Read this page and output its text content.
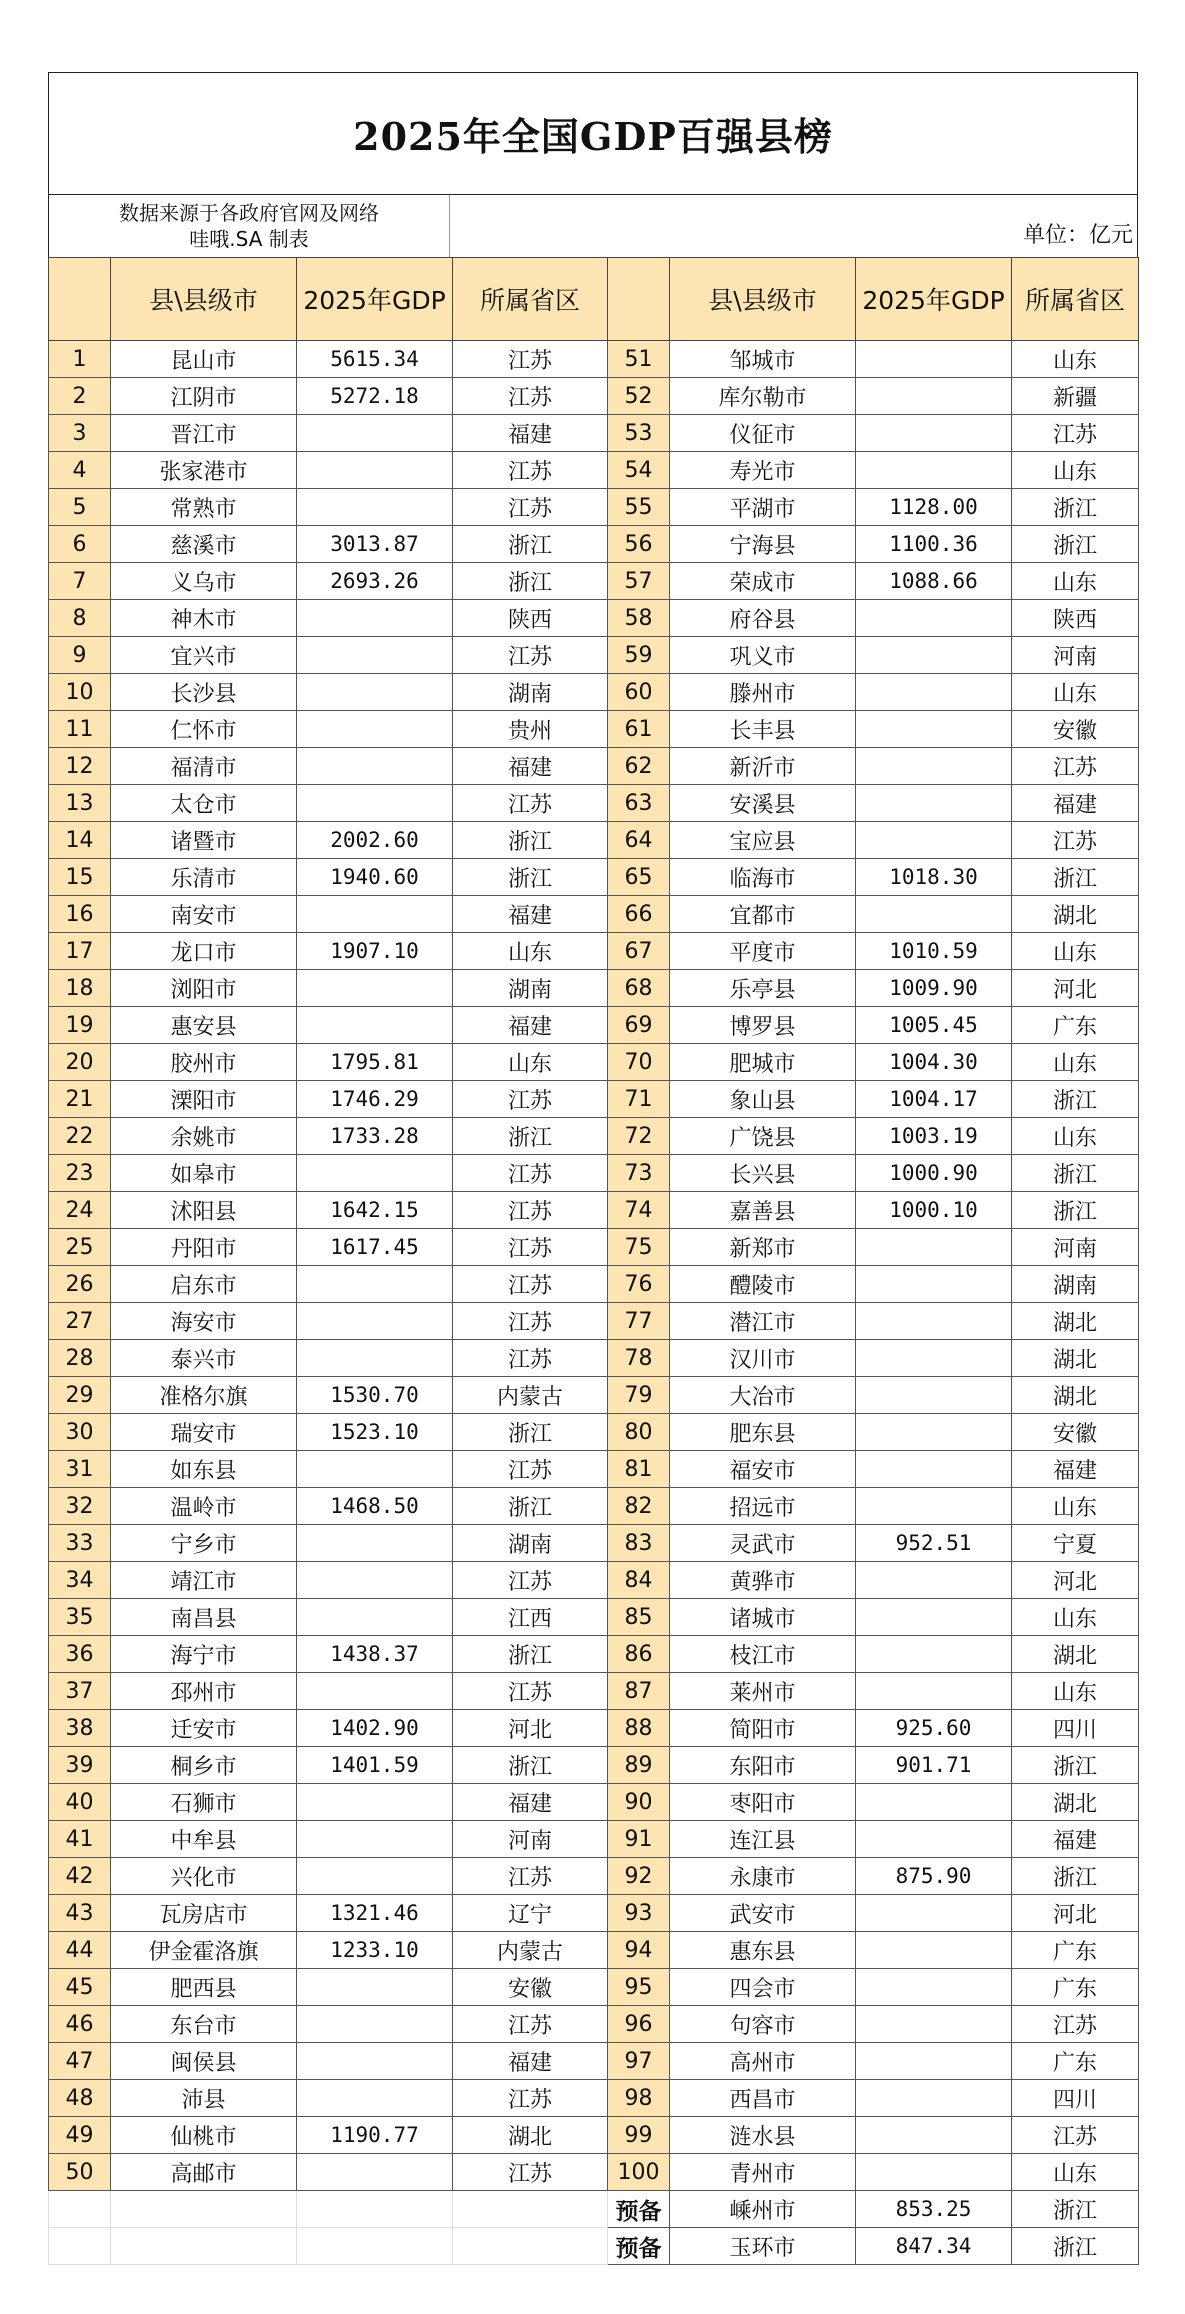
2025年全国GDP百强县榜
数据来源于各政府官网及网络
哇哦.SA 制表	单位：亿元
	县\县级市	2025年GDP	所属省区		县\县级市	2025年GDP	所属省区
1	昆山市	5615.34	江苏	51	邹城市		山东
2	江阴市	5272.18	江苏	52	库尔勒市		新疆
3	晋江市		福建	53	仪征市		江苏
4	张家港市		江苏	54	寿光市		山东
5	常熟市		江苏	55	平湖市	1128.00	浙江
6	慈溪市	3013.87	浙江	56	宁海县	1100.36	浙江
7	义乌市	2693.26	浙江	57	荣成市	1088.66	山东
8	神木市		陕西	58	府谷县		陕西
9	宜兴市		江苏	59	巩义市		河南
10	长沙县		湖南	60	滕州市		山东
11	仁怀市		贵州	61	长丰县		安徽
12	福清市		福建	62	新沂市		江苏
13	太仓市		江苏	63	安溪县		福建
14	诸暨市	2002.60	浙江	64	宝应县		江苏
15	乐清市	1940.60	浙江	65	临海市	1018.30	浙江
16	南安市		福建	66	宜都市		湖北
17	龙口市	1907.10	山东	67	平度市	1010.59	山东
18	浏阳市		湖南	68	乐亭县	1009.90	河北
19	惠安县		福建	69	博罗县	1005.45	广东
20	胶州市	1795.81	山东	70	肥城市	1004.30	山东
21	溧阳市	1746.29	江苏	71	象山县	1004.17	浙江
22	余姚市	1733.28	浙江	72	广饶县	1003.19	山东
23	如皋市		江苏	73	长兴县	1000.90	浙江
24	沭阳县	1642.15	江苏	74	嘉善县	1000.10	浙江
25	丹阳市	1617.45	江苏	75	新郑市		河南
26	启东市		江苏	76	醴陵市		湖南
27	海安市		江苏	77	潜江市		湖北
28	泰兴市		江苏	78	汉川市		湖北
29	准格尔旗	1530.70	内蒙古	79	大冶市		湖北
30	瑞安市	1523.10	浙江	80	肥东县		安徽
31	如东县		江苏	81	福安市		福建
32	温岭市	1468.50	浙江	82	招远市		山东
33	宁乡市		湖南	83	灵武市	952.51	宁夏
34	靖江市		江苏	84	黄骅市		河北
35	南昌县		江西	85	诸城市		山东
36	海宁市	1438.37	浙江	86	枝江市		湖北
37	邳州市		江苏	87	莱州市		山东
38	迁安市	1402.90	河北	88	简阳市	925.60	四川
39	桐乡市	1401.59	浙江	89	东阳市	901.71	浙江
40	石狮市		福建	90	枣阳市		湖北
41	中牟县		河南	91	连江县		福建
42	兴化市		江苏	92	永康市	875.90	浙江
43	瓦房店市	1321.46	辽宁	93	武安市		河北
44	伊金霍洛旗	1233.10	内蒙古	94	惠东县		广东
45	肥西县		安徽	95	四会市		广东
46	东台市		江苏	96	句容市		江苏
47	闽侯县		福建	97	高州市		广东
48	沛县		江苏	98	西昌市		四川
49	仙桃市	1190.77	湖北	99	涟水县		江苏
50	高邮市		江苏	100	青州市		山东
				预备	嵊州市	853.25	浙江
				预备	玉环市	847.34	浙江
